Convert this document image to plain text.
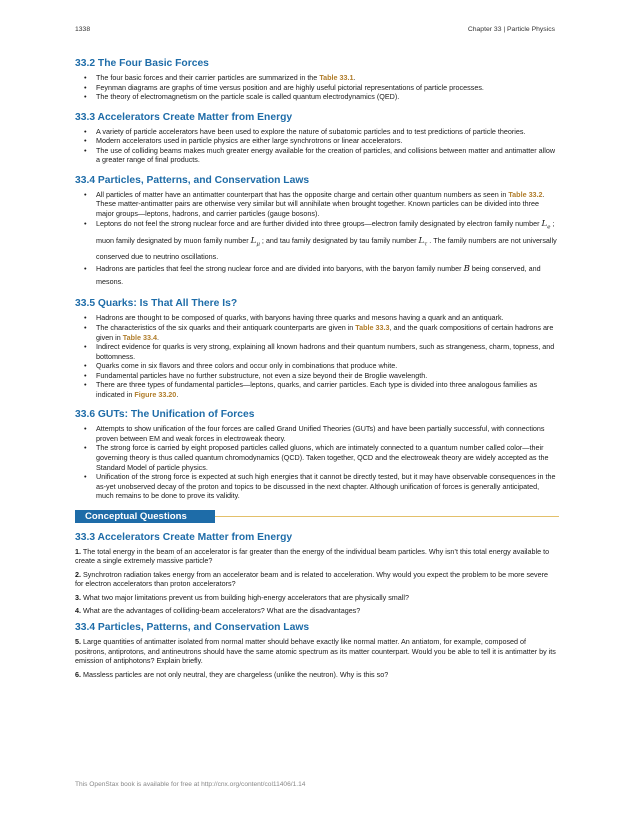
1338	Chapter 33 | Particle Physics
33.2 The Four Basic Forces
• The four basic forces and their carrier particles are summarized in the Table 33.1.
• Feynman diagrams are graphs of time versus position and are highly useful pictorial representations of particle processes.
• The theory of electromagnetism on the particle scale is called quantum electrodynamics (QED).
33.3 Accelerators Create Matter from Energy
• A variety of particle accelerators have been used to explore the nature of subatomic particles and to test predictions of particle theories.
• Modern accelerators used in particle physics are either large synchrotrons or linear accelerators.
• The use of colliding beams makes much greater energy available for the creation of particles, and collisions between matter and antimatter allow a greater range of final products.
33.4 Particles, Patterns, and Conservation Laws
• All particles of matter have an antimatter counterpart that has the opposite charge and certain other quantum numbers as seen in Table 33.2. These matter-antimatter pairs are otherwise very similar but will annihilate when brought together. Known particles can be divided into three major groups—leptons, hadrons, and carrier particles (gauge bosons).
• Leptons do not feel the strong nuclear force and are further divided into three groups—electron family designated by electron family number $L_e$ ; muon family designated by muon family number $L_\mu$ ; and tau family designated by tau family number $L_\tau$ . The family numbers are not universally conserved due to neutrino oscillations.
• Hadrons are particles that feel the strong nuclear force and are divided into baryons, with the baryon family number B being conserved, and mesons.
33.5 Quarks: Is That All There Is?
• Hadrons are thought to be composed of quarks, with baryons having three quarks and mesons having a quark and an antiquark.
• The characteristics of the six quarks and their antiquark counterparts are given in Table 33.3, and the quark compositions of certain hadrons are given in Table 33.4.
• Indirect evidence for quarks is very strong, explaining all known hadrons and their quantum numbers, such as strangeness, charm, topness, and bottomness.
• Quarks come in six flavors and three colors and occur only in combinations that produce white.
• Fundamental particles have no further substructure, not even a size beyond their de Broglie wavelength.
• There are three types of fundamental particles—leptons, quarks, and carrier particles. Each type is divided into three analogous families as indicated in Figure 33.20.
33.6 GUTs: The Unification of Forces
• Attempts to show unification of the four forces are called Grand Unified Theories (GUTs) and have been partially successful, with connections proven between EM and weak forces in electroweak theory.
• The strong force is carried by eight proposed particles called gluons, which are intimately connected to a quantum number called color—their governing theory is thus called quantum chromodynamics (QCD). Taken together, QCD and the electroweak theory are widely accepted as the Standard Model of particle physics.
• Unification of the strong force is expected at such high energies that it cannot be directly tested, but it may have observable consequences in the as-yet unobserved decay of the proton and topics to be discussed in the next chapter. Although unification of forces is generally anticipated, much remains to be done to prove its validity.
Conceptual Questions
33.3 Accelerators Create Matter from Energy

1. The total energy in the beam of an accelerator is far greater than the energy of the individual beam particles. Why isn’t this total energy available to create a single extremely massive particle?

2. Synchrotron radiation takes energy from an accelerator beam and is related to acceleration. Why would you expect the problem to be more severe for electron accelerators than proton accelerators?

3. What two major limitations prevent us from building high-energy accelerators that are physically small?

4. What are the advantages of colliding-beam accelerators? What are the disadvantages?

33.4 Particles, Patterns, and Conservation Laws

5. Large quantities of antimatter isolated from normal matter should behave exactly like normal matter. An antiatom, for example, composed of positrons, antiprotons, and antineutrons should have the same atomic spectrum as its matter counterpart. Would you be able to tell it is antimatter by its emission of antiphotons? Explain briefly.

6. Massless particles are not only neutral, they are chargeless (unlike the neutron). Why is this so?

This OpenStax book is available for free at http://cnx.org/content/col11406/1.14
